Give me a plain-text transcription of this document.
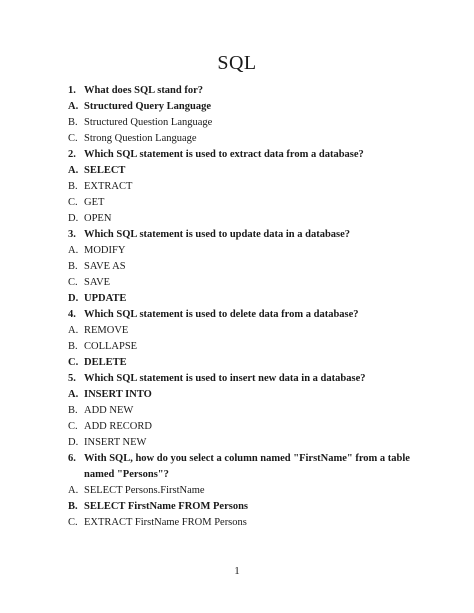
SQL
1. What does SQL stand for?
A. Structured Query Language
B. Structured Question Language
C. Strong Question Language
2. Which SQL statement is used to extract data from a database?
A. SELECT
B. EXTRACT
C. GET
D. OPEN
3. Which SQL statement is used to update data in a database?
A. MODIFY
B. SAVE AS
C. SAVE
D. UPDATE
4. Which SQL statement is used to delete data from a database?
A. REMOVE
B. COLLAPSE
C. DELETE
5. Which SQL statement is used to insert new data in a database?
A. INSERT INTO
B. ADD NEW
C. ADD RECORD
D. INSERT NEW
6. With SQL, how do you select a column named "FirstName" from a table named "Persons"?
A. SELECT Persons.FirstName
B. SELECT FirstName FROM Persons
C. EXTRACT FirstName FROM Persons
1
